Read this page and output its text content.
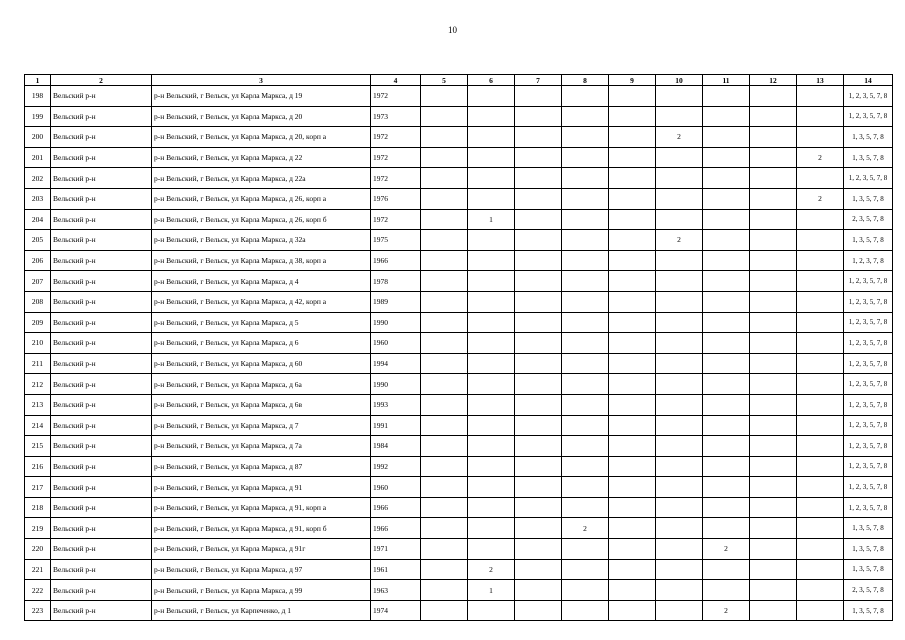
10
1	2	3	4	5	6	7	8	9	10	11	12	13	14
198	Вельский р-н	р-н Вельский, г Вельск, ул Карла Маркса, д 19	1972										1, 2, 3, 5, 7, 8
199	Вельский р-н	р-н Вельский, г Вельск, ул Карла Маркса, д 20	1973										1, 2, 3, 5, 7, 8
200	Вельский р-н	р-н Вельский, г Вельск, ул Карла Маркса, д 20, корп а	1972						2				1, 3, 5, 7, 8
201	Вельский р-н	р-н Вельский, г Вельск, ул Карла Маркса, д 22	1972									2	1, 3, 5, 7, 8
202	Вельский р-н	р-н Вельский, г Вельск, ул Карла Маркса, д 22а	1972										1, 2, 3, 5, 7, 8
203	Вельский р-н	р-н Вельский, г Вельск, ул Карла Маркса, д 26, корп а	1976									2	1, 3, 5, 7, 8
204	Вельский р-н	р-н Вельский, г Вельск, ул Карла Маркса, д 26, корп б	1972		1								2, 3, 5, 7, 8
205	Вельский р-н	р-н Вельский, г Вельск, ул Карла Маркса, д 32а	1975						2				1, 3, 5, 7, 8
206	Вельский р-н	р-н Вельский, г Вельск, ул Карла Маркса, д 38, корп а	1966										1, 2, 3, 7, 8
207	Вельский р-н	р-н Вельский, г Вельск, ул Карла Маркса, д 4	1978										1, 2, 3, 5, 7, 8
208	Вельский р-н	р-н Вельский, г Вельск, ул Карла Маркса, д 42, корп а	1989										1, 2, 3, 5, 7, 8
209	Вельский р-н	р-н Вельский, г Вельск, ул Карла Маркса, д 5	1990										1, 2, 3, 5, 7, 8
210	Вельский р-н	р-н Вельский, г Вельск, ул Карла Маркса, д 6	1960										1, 2, 3, 5, 7, 8
211	Вельский р-н	р-н Вельский, г Вельск, ул Карла Маркса, д 60	1994										1, 2, 3, 5, 7, 8
212	Вельский р-н	р-н Вельский, г Вельск, ул Карла Маркса, д 6а	1990										1, 2, 3, 5, 7, 8
213	Вельский р-н	р-н Вельский, г Вельск, ул Карла Маркса, д 6в	1993										1, 2, 3, 5, 7, 8
214	Вельский р-н	р-н Вельский, г Вельск, ул Карла Маркса, д 7	1991										1, 2, 3, 5, 7, 8
215	Вельский р-н	р-н Вельский, г Вельск, ул Карла Маркса, д 7а	1984										1, 2, 3, 5, 7, 8
216	Вельский р-н	р-н Вельский, г Вельск, ул Карла Маркса, д 87	1992										1, 2, 3, 5, 7, 8
217	Вельский р-н	р-н Вельский, г Вельск, ул Карла Маркса, д 91	1960										1, 2, 3, 5, 7, 8
218	Вельский р-н	р-н Вельский, г Вельск, ул Карла Маркса, д 91, корп а	1966										1, 2, 3, 5, 7, 8
219	Вельский р-н	р-н Вельский, г Вельск, ул Карла Маркса, д 91, корп б	1966				2						1, 3, 5, 7, 8
220	Вельский р-н	р-н Вельский, г Вельск, ул Карла Маркса, д 91г	1971							2			1, 3, 5, 7, 8
221	Вельский р-н	р-н Вельский, г Вельск, ул Карла Маркса, д 97	1961		2								1, 3, 5, 7, 8
222	Вельский р-н	р-н Вельский, г Вельск, ул Карла Маркса, д 99	1963		1								2, 3, 5, 7, 8
223	Вельский р-н	р-н Вельский, г Вельск, ул Карпеченко, д 1	1974							2			1, 3, 5, 7, 8
